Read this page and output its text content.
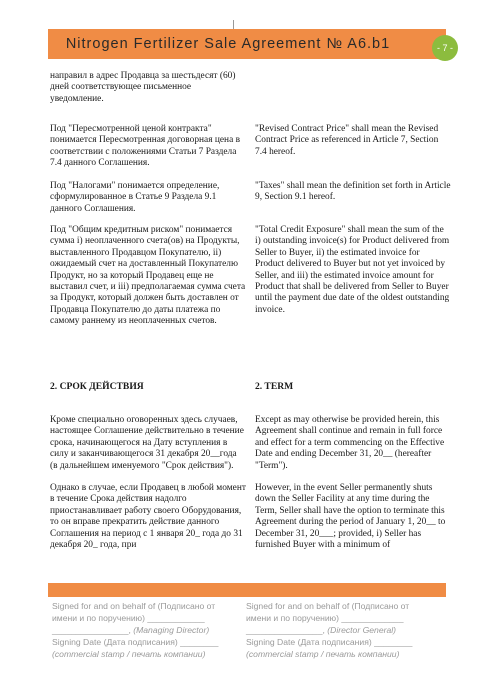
Nitrogen Fertilizer Sale Agreement № A6.b1	- 7 -

направил в адрес Продавца за шестьдесят (60) дней соответствующее письменное уведомление.

Под "Пересмотренной ценой контракта" понимается Пересмотренная договорная цена в соответствии с положениями Статьи 7 Раздела 7.4 данного Соглашения.

"Revised Contract Price" shall mean the Revised Contract Price as referenced in Article 7, Section 7.4 hereof.

Под "Налогами" понимается определение, сформулированное в Статье 9 Раздела 9.1 данного Соглашения.

"Taxes" shall mean the definition set forth in Article 9, Section 9.1 hereof.

Под "Общим кредитным риском" понимается сумма i) неоплаченного счета(ов) на Продукты, выставленного Продавцом Покупателю, ii) ожидаемый счет на доставленный Покупателю Продукт, но за который Продавец еще не выставил счет, и iii) предполагаемая сумма счета за Продукт, который должен быть доставлен от Продавца Покупателю до даты платежа по самому раннему из неоплаченных счетов.

"Total Credit Exposure" shall mean the sum of the i) outstanding invoice(s) for Product delivered from Seller to Buyer, ii) the estimated invoice for Product delivered to Buyer but not yet invoiced by Seller, and iii) the estimated invoice amount for Product that shall be delivered from Seller to Buyer until the payment due date of the oldest outstanding invoice.

2. СРОК ДЕЙСТВИЯ	2. TERM

Кроме специально оговоренных здесь случаев, настоящее Соглашение действительно в течение срока, начинающегося на Дату вступления в силу и заканчивающегося 31 декабря 20__года (в дальнейшем именуемого "Срок действия").

Except as may otherwise be provided herein, this Agreement shall continue and remain in full force and effect for a term commencing on the Effective Date and ending December 31, 20__ (hereafter "Term").

Однако в случае, если Продавец в любой момент в течение Срока действия надолго приостанавливает работу своего Оборудования, то он вправе прекратить действие данного Соглашения на период с 1 января 20_ года до 31 декабря 20_ года, при

However, in the event Seller permanently shuts down the Seller Facility at any time during the Term, Seller shall have the option to terminate this Agreement during the period of January 1, 20__ to December 31, 20___; provided, i) Seller has furnished Buyer with a minimum of

Signed for and on behalf of (Подписано от

имени и по поручению) ____________

________________, (Managing Director)

Signing Date (Дата подписания) ________

(commercial stamp / печать компании)

Signed for and on behalf of (Подписано от

имени и по поручению) _____________

________________, (Director General)

Signing Date (Дата подписания) ________

(commercial stamp / печать компании)
